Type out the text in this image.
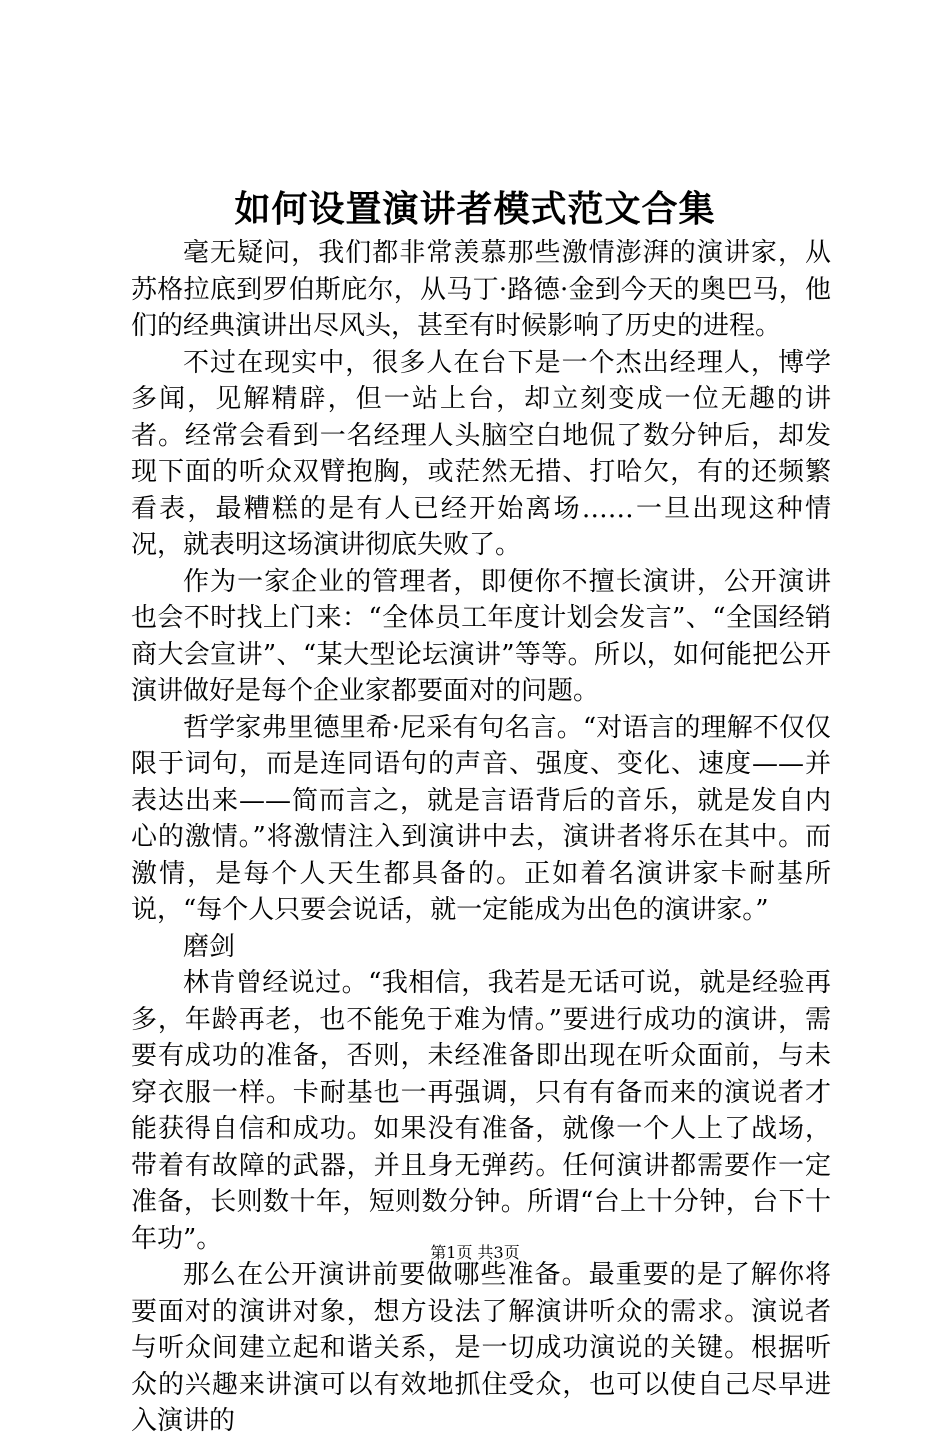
如何设置演讲者模式范文合集

毫无疑问，我们都非常羡慕那些激情澎湃的演讲家，从苏格拉底到罗伯斯庇尔，从马丁·路德·金到今天的奥巴马，他们的经典演讲出尽风头，甚至有时候影响了历史的进程。

不过在现实中，很多人在台下是一个杰出经理人，博学多闻，见解精辟，但一站上台，却立刻变成一位无趣的讲者。经常会看到一名经理人头脑空白地侃了数分钟后，却发现下面的听众双臂抱胸，或茫然无措、打哈欠，有的还频繁看表，最糟糕的是有人已经开始离场……一旦出现这种情况，就表明这场演讲彻底失败了。

作为一家企业的管理者，即便你不擅长演讲，公开演讲也会不时找上门来：“全体员工年度计划会发言”、“全国经销商大会宣讲”、“某大型论坛演讲”等等。所以，如何能把公开演讲做好是每个企业家都要面对的问题。

哲学家弗里德里希·尼采有句名言。“对语言的理解不仅仅限于词句，而是连同语句的声音、强度、变化、速度——并表达出来——简而言之，就是言语背后的音乐，就是发自内心的激情。”将激情注入到演讲中去，演讲者将乐在其中。而激情，是每个人天生都具备的。正如着名演讲家卡耐基所说，“每个人只要会说话，就一定能成为出色的演讲家。”

磨剑

林肯曾经说过。“我相信，我若是无话可说，就是经验再多，年龄再老，也不能免于难为情。”要进行成功的演讲，需要有成功的准备，否则，未经准备即出现在听众面前，与未穿衣服一样。卡耐基也一再强调，只有有备而来的演说者才能获得自信和成功。如果没有准备，就像一个人上了战场，带着有故障的武器，并且身无弹药。任何演讲都需要作一定准备，长则数十年，短则数分钟。所谓“台上十分钟，台下十年功”。

那么在公开演讲前要做哪些准备。最重要的是了解你将要面对的演讲对象，想方设法了解演讲听众的需求。演说者与听众间建立起和谐关系，是一切成功演说的关键。根据听众的兴趣来讲演可以有效地抓住受众，也可以使自己尽早进入演讲的

第1页 共3页
